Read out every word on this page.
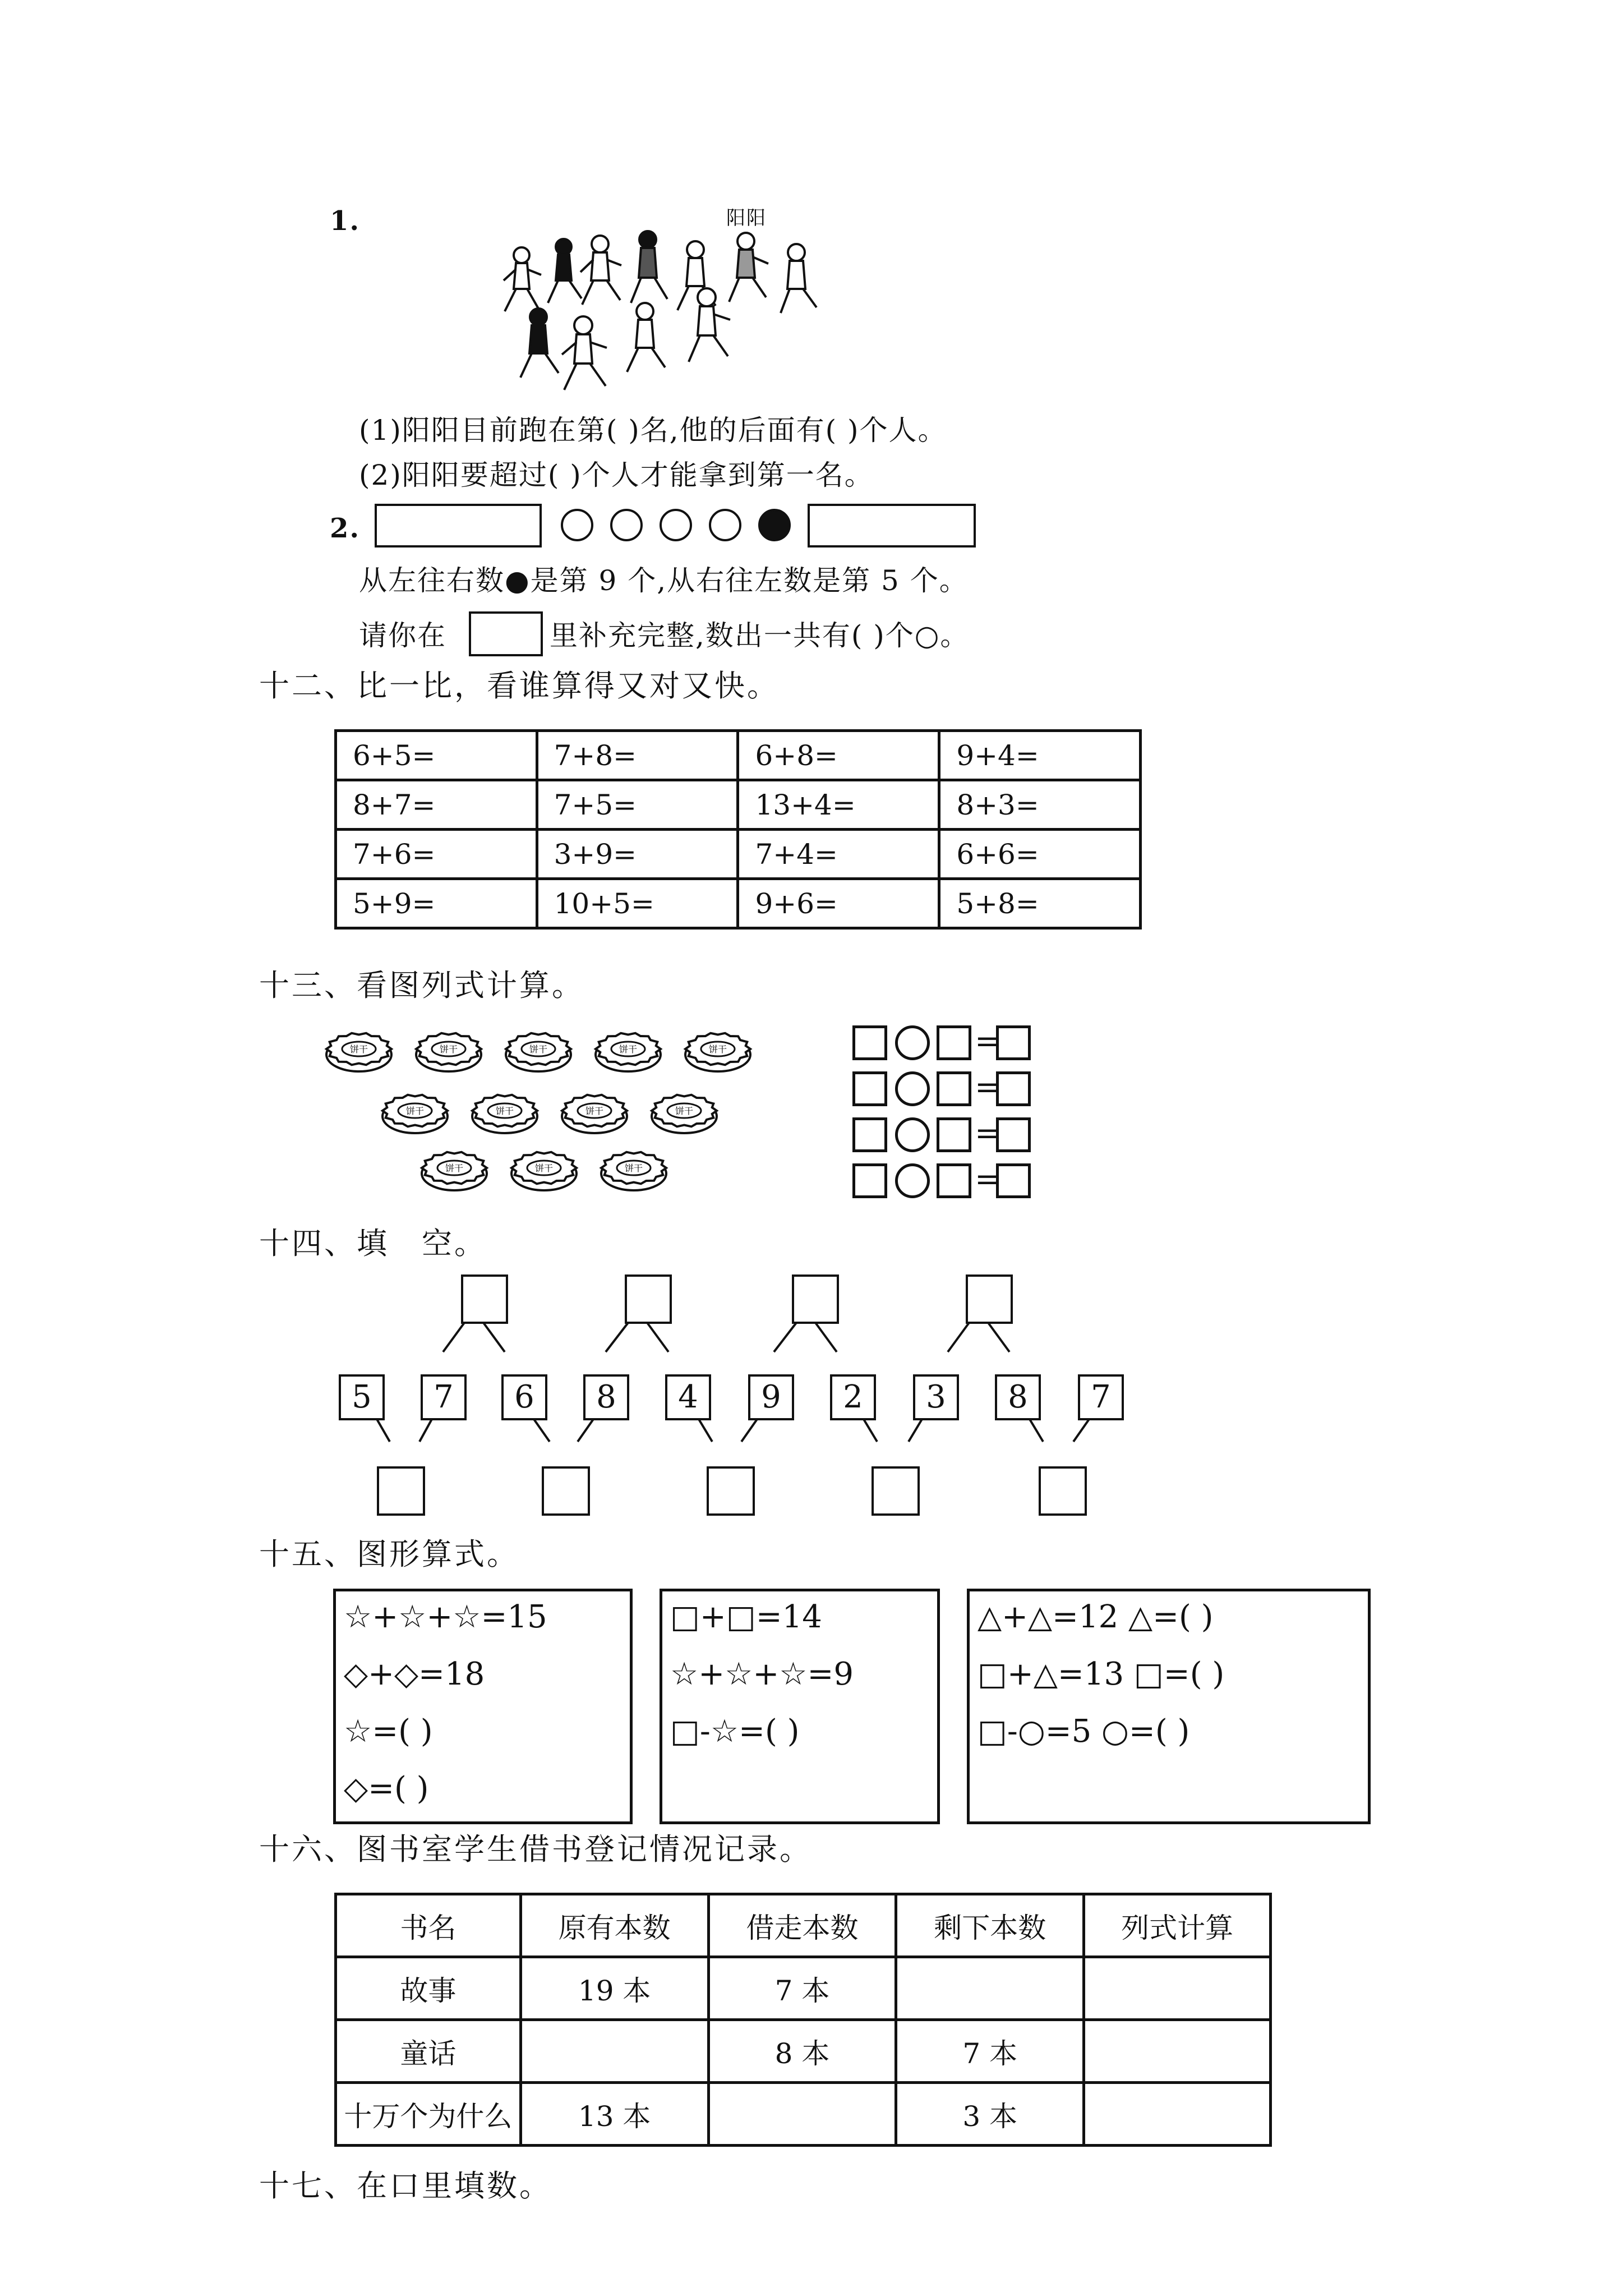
1.	阳阳
(1)阳阳目前跑在第( )名,他的后面有( )个人。
(2)阳阳要超过( )个人才能拿到第一名。
2.
从左往右数●是第 9 个,从右往左数是第 5 个。
请你在	里补充完整,数出一共有( )个○。
十二、比一比，看谁算得又对又快。
6+5=	7+8=	6+8=	9+4=
8+7=	7+5=	13+4=	8+3=
7+6=	3+9=	7+4=	6+6=
5+9=	10+5=	9+6=	5+8=
十三、看图列式计算。
饼干	饼干	饼干	饼干	饼干
饼干	饼干	饼干	饼干
饼干	饼干	饼干
=
=
=
=
十四、填　空。
5	7	6	8	4	9	2	3	8	7
十五、图形算式。
☆+☆+☆=15
◇+◇=18
☆=( )
◇=( )
□+□=14
☆+☆+☆=9
□-☆=( )
△+△=12 △=( )
□+△=13 □=( )
□-○=5 ○=( )
十六、图书室学生借书登记情况记录。
书名	原有本数	借走本数	剩下本数	列式计算
故事	19 本	7 本		
童话		8 本	7 本	
十万个为什么	13 本		3 本	
十七、在口里填数。
